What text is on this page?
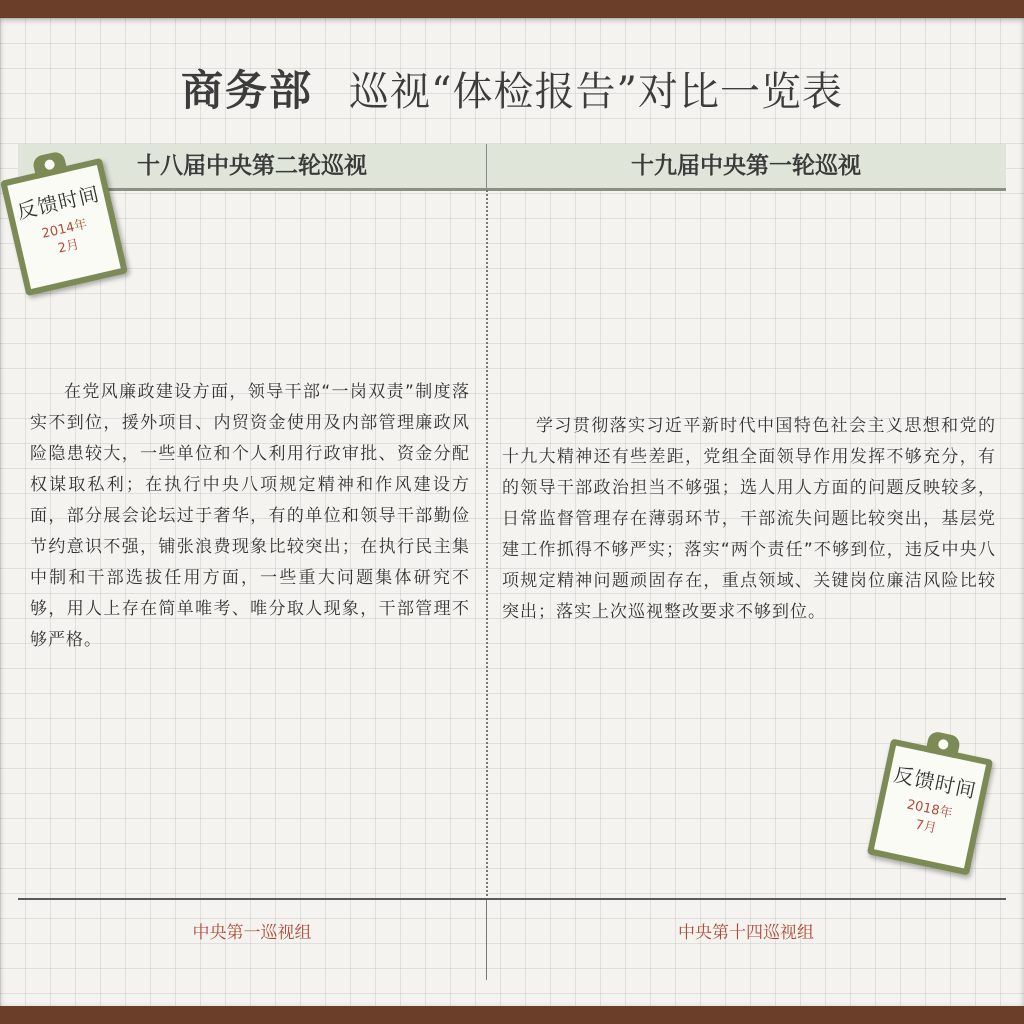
商务部 巡视“体检报告”对比一览表
十八届中央第二轮巡视	十九届中央第一轮巡视
在党风廉政建设方面，领导干部“一岗双责”制度落实不到位，援外项目、内贸资金使用及内部管理廉政风险隐患较大，一些单位和个人利用行政审批、资金分配权谋取私利；在执行中央八项规定精神和作风建设方面，部分展会论坛过于奢华，有的单位和领导干部勤俭节约意识不强，铺张浪费现象比较突出；在执行民主集中制和干部选拔任用方面，一些重大问题集体研究不够，用人上存在简单唯考、唯分取人现象，干部管理不够严格。
学习贯彻落实习近平新时代中国特色社会主义思想和党的十九大精神还有些差距，党组全面领导作用发挥不够充分，有的领导干部政治担当不够强；选人用人方面的问题反映较多，日常监督管理存在薄弱环节，干部流失问题比较突出，基层党建工作抓得不够严实；落实“两个责任”不够到位，违反中央八项规定精神问题顽固存在，重点领域、关键岗位廉洁风险比较突出；落实上次巡视整改要求不够到位。
中央第一巡视组	中央第十四巡视组
反馈时间
2014年
2月
反馈时间
2018年
7月
